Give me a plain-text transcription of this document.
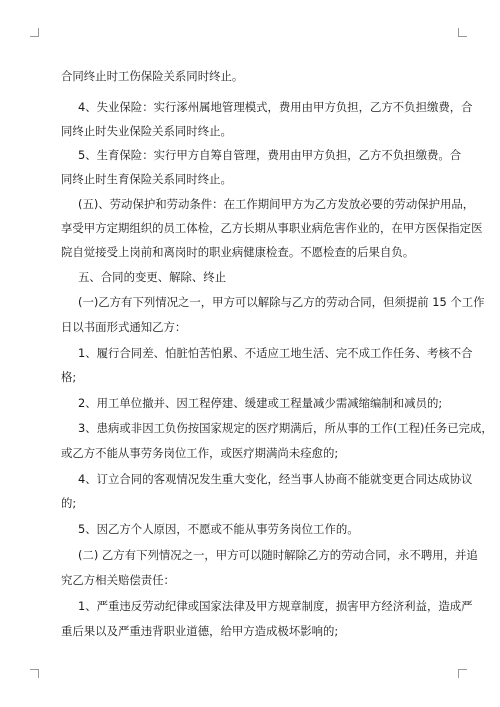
合同终止时工伤保险关系同时终止。
4、失业保险：实行涿州属地管理模式，费用由甲方负担，乙方不负担缴费，合
同终止时失业保险关系同时终止。
5、生育保险：实行甲方自筹自管理，费用由甲方负担，乙方不负担缴费。合
同终止时生育保险关系同时终止。
(五)、劳动保护和劳动条件：在工作期间甲方为乙方发放必要的劳动保护用品，
享受甲方定期组织的员工体检，乙方长期从事职业病危害作业的，在甲方医保指定医
院自觉接受上岗前和离岗时的职业病健康检查。不愿检查的后果自负。
五、合同的变更、解除、终止
(一)乙方有下列情况之一，甲方可以解除与乙方的劳动合同，但须提前 15 个工作
日以书面形式通知乙方：
1、履行合同差、怕脏怕苦怕累、不适应工地生活、完不成工作任务、考核不合
格;
2、用工单位撤并、因工程停建、缓建或工程量减少需减缩编制和减员的;
3、患病或非因工负伤按国家规定的医疗期满后，所从事的工作(工程)任务已完成，
或乙方不能从事劳务岗位工作，或医疗期满尚未痊愈的;
4、订立合同的客观情况发生重大变化，经当事人协商不能就变更合同达成协议
的;
5、因乙方个人原因，不愿或不能从事劳务岗位工作的。
(二) 乙方有下列情况之一，甲方可以随时解除乙方的劳动合同，永不聘用，并追
究乙方相关赔偿责任：
1、严重违反劳动纪律或国家法律及甲方规章制度，损害甲方经济利益，造成严
重后果以及严重违背职业道德，给甲方造成极坏影响的;
